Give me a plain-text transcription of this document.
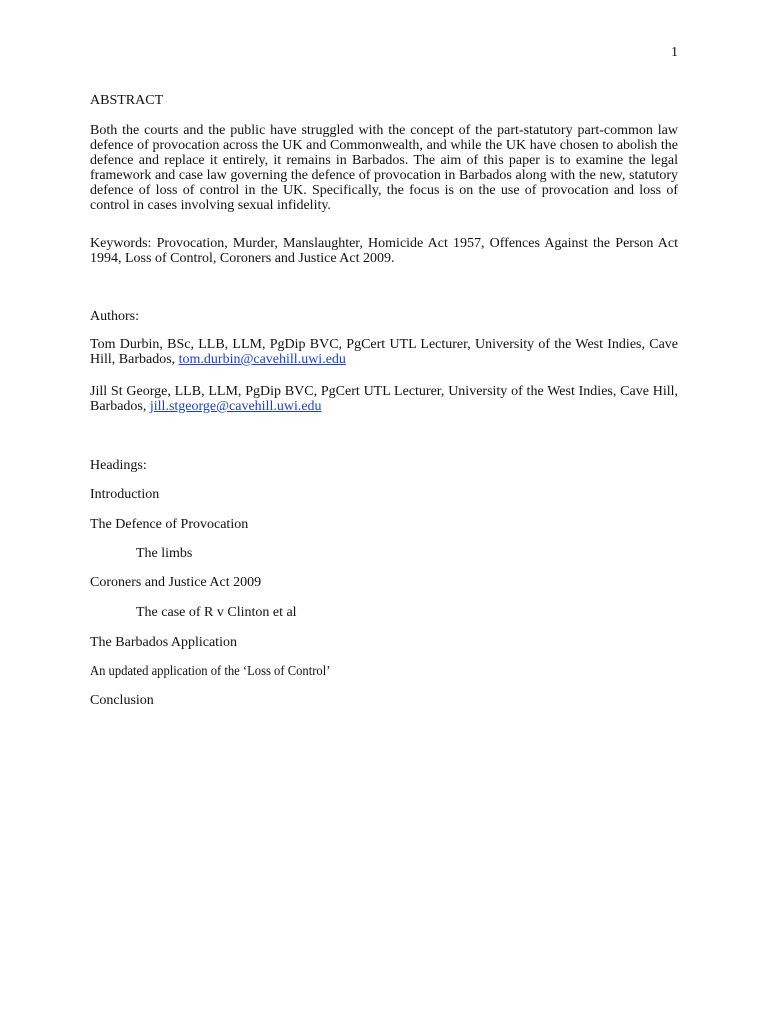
1
ABSTRACT
Both the courts and the public have struggled with the concept of the part-statutory part-common law defence of provocation across the UK and Commonwealth, and while the UK have chosen to abolish the defence and replace it entirely, it remains in Barbados. The aim of this paper is to examine the legal framework and case law governing the defence of provocation in Barbados along with the new, statutory defence of loss of control in the UK. Specifically, the focus is on the use of provocation and loss of control in cases involving sexual infidelity.
Keywords: Provocation, Murder, Manslaughter, Homicide Act 1957, Offences Against the Person Act 1994, Loss of Control, Coroners and Justice Act 2009.
Authors:
Tom Durbin, BSc, LLB, LLM, PgDip BVC, PgCert UTL Lecturer, University of the West Indies, Cave Hill, Barbados, tom.durbin@cavehill.uwi.edu
Jill St George, LLB, LLM, PgDip BVC, PgCert UTL Lecturer, University of the West Indies, Cave Hill, Barbados, jill.stgeorge@cavehill.uwi.edu
Headings:
Introduction
The Defence of Provocation
The limbs
Coroners and Justice Act 2009
The case of R v Clinton et al
The Barbados Application
An updated application of the ‘Loss of Control’
Conclusion
